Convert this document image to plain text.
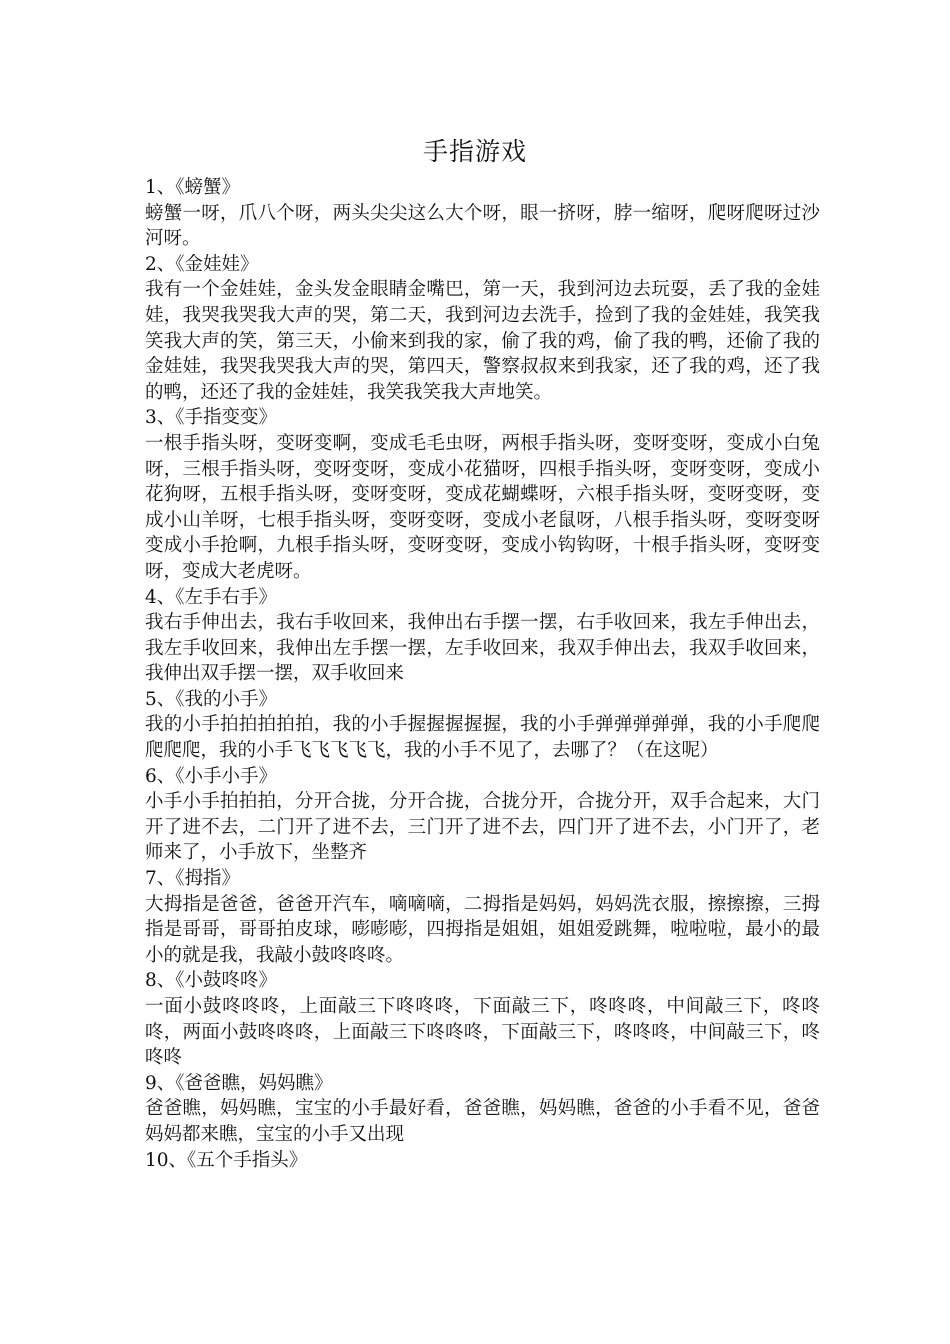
手指游戏

1、《螃蟹》

螃蟹一呀，爪八个呀，两头尖尖这么大个呀，眼一挤呀，脖一缩呀，爬呀爬呀过沙河呀。

2、《金娃娃》

我有一个金娃娃，金头发金眼睛金嘴巴，第一天，我到河边去玩耍，丢了我的金娃娃，我哭我哭我大声的哭，第二天，我到河边去洗手，捡到了我的金娃娃，我笑我笑我大声的笑，第三天，小偷来到我的家，偷了我的鸡，偷了我的鸭，还偷了我的金娃娃，我哭我哭我大声的哭，第四天，警察叔叔来到我家，还了我的鸡，还了我的鸭，还还了我的金娃娃，我笑我笑我大声地笑。

3、《手指变变》

一根手指头呀，变呀变啊，变成毛毛虫呀，两根手指头呀，变呀变呀，变成小白兔呀，三根手指头呀，变呀变呀，变成小花猫呀，四根手指头呀，变呀变呀，变成小花狗呀，五根手指头呀，变呀变呀，变成花蝴蝶呀，六根手指头呀，变呀变呀，变成小山羊呀，七根手指头呀，变呀变呀，变成小老鼠呀，八根手指头呀，变呀变呀变成小手抢啊，九根手指头呀，变呀变呀，变成小钩钩呀，十根手指头呀，变呀变呀，变成大老虎呀。

4、《左手右手》

我右手伸出去，我右手收回来，我伸出右手摆一摆，右手收回来，我左手伸出去，我左手收回来，我伸出左手摆一摆，左手收回来，我双手伸出去，我双手收回来，我伸出双手摆一摆，双手收回来

5、《我的小手》

我的小手拍拍拍拍拍，我的小手握握握握握，我的小手弹弹弹弹弹，我的小手爬爬爬爬爬，我的小手飞飞飞飞飞，我的小手不见了，去哪了？（在这呢）

6、《小手小手》

小手小手拍拍拍，分开合拢，分开合拢，合拢分开，合拢分开，双手合起来，大门开了进不去，二门开了进不去，三门开了进不去，四门开了进不去，小门开了，老师来了，小手放下，坐整齐

7、《拇指》

大拇指是爸爸，爸爸开汽车，嘀嘀嘀，二拇指是妈妈，妈妈洗衣服，擦擦擦，三拇指是哥哥，哥哥拍皮球，嘭嘭嘭，四拇指是姐姐，姐姐爱跳舞，啦啦啦，最小的最小的就是我，我敲小鼓咚咚咚。

8、《小鼓咚咚》

一面小鼓咚咚咚，上面敲三下咚咚咚，下面敲三下，咚咚咚，中间敲三下，咚咚咚，两面小鼓咚咚咚，上面敲三下咚咚咚，下面敲三下，咚咚咚，中间敲三下，咚咚咚

9、《爸爸瞧，妈妈瞧》

爸爸瞧，妈妈瞧，宝宝的小手最好看，爸爸瞧，妈妈瞧，爸爸的小手看不见，爸爸妈妈都来瞧，宝宝的小手又出现

10、《五个手指头》
